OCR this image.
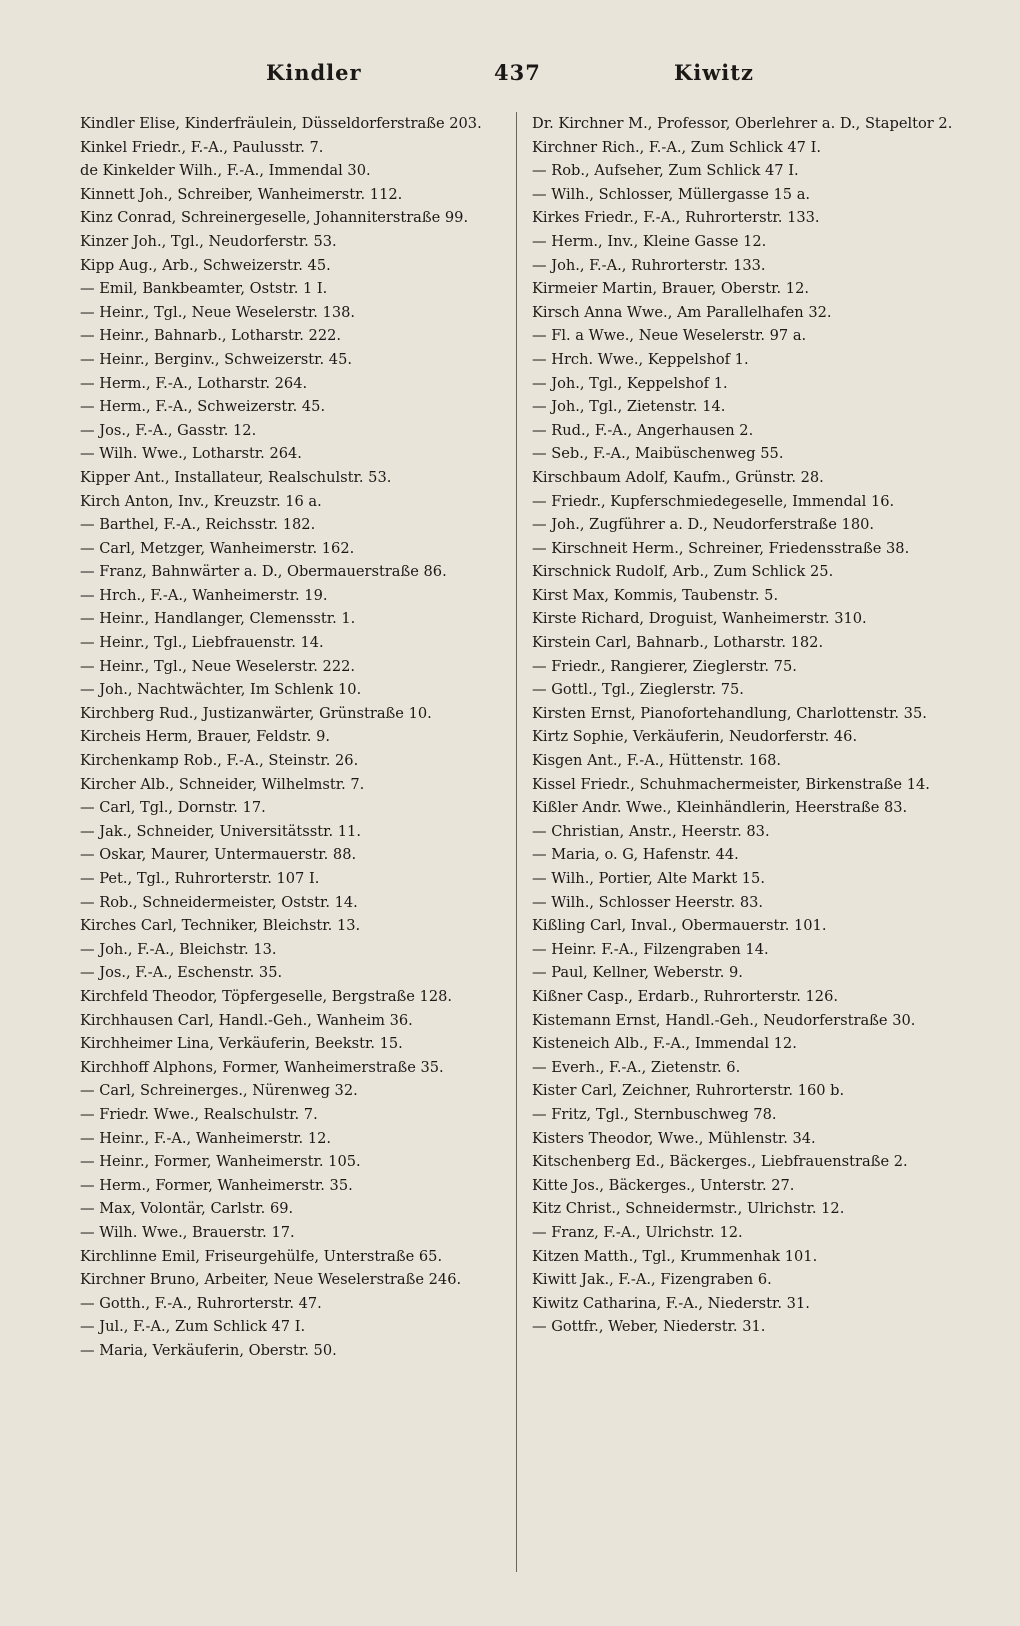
Kindler	437	Kiwitz
Kindler Elise, Kinderfräulein, Düsseldorferstraße 203.
Kinkel Friedr., F.-A., Paulusstr. 7.
de Kinkelder Wilh., F.-A., Immendal 30.
Kinnett Joh., Schreiber, Wanheimerstr. 112.
Kinz Conrad, Schreinergeselle, Johanniterstraße 99.
Kinzer Joh., Tgl., Neudorferstr. 53.
Kipp Aug., Arb., Schweizerstr. 45.
— Emil, Bankbeamter, Oststr. 1 I.
— Heinr., Tgl., Neue Weselerstr. 138.
— Heinr., Bahnarb., Lotharstr. 222.
— Heinr., Berginv., Schweizerstr. 45.
— Herm., F.-A., Lotharstr. 264.
— Herm., F.-A., Schweizerstr. 45.
— Jos., F.-A., Gasstr. 12.
— Wilh. Wwe., Lotharstr. 264.
Kipper Ant., Installateur, Realschulstr. 53.
Kirch Anton, Inv., Kreuzstr. 16 a.
— Barthel, F.-A., Reichsstr. 182.
— Carl, Metzger, Wanheimerstr. 162.
— Franz, Bahnwärter a. D., Obermauerstraße 86.
— Hrch., F.-A., Wanheimerstr. 19.
— Heinr., Handlanger, Clemensstr. 1.
— Heinr., Tgl., Liebfrauenstr. 14.
— Heinr., Tgl., Neue Weselerstr. 222.
— Joh., Nachtwächter, Im Schlenk 10.
Kirchberg Rud., Justizanwärter, Grünstraße 10.
Kircheis Herm, Brauer, Feldstr. 9.
Kirchenkamp Rob., F.-A., Steinstr. 26.
Kircher Alb., Schneider, Wilhelmstr. 7.
— Carl, Tgl., Dornstr. 17.
— Jak., Schneider, Universitätsstr. 11.
— Oskar, Maurer, Untermauerstr. 88.
— Pet., Tgl., Ruhrorterstr. 107 I.
— Rob., Schneidermeister, Oststr. 14.
Kirches Carl, Techniker, Bleichstr. 13.
— Joh., F.-A., Bleichstr. 13.
— Jos., F.-A., Eschenstr. 35.
Kirchfeld Theodor, Töpfergeselle, Bergstraße 128.
Kirchhausen Carl, Handl.-Geh., Wanheim 36.
Kirchheimer Lina, Verkäuferin, Beekstr. 15.
Kirchhoff Alphons, Former, Wanheimerstraße 35.
— Carl, Schreinerges., Nürenweg 32.
— Friedr. Wwe., Realschulstr. 7.
— Heinr., F.-A., Wanheimerstr. 12.
— Heinr., Former, Wanheimerstr. 105.
— Herm., Former, Wanheimerstr. 35.
— Max, Volontär, Carlstr. 69.
— Wilh. Wwe., Brauerstr. 17.
Kirchlinne Emil, Friseurgehülfe, Unterstraße 65.
Kirchner Bruno, Arbeiter, Neue Weselerstraße 246.
— Gotth., F.-A., Ruhrorterstr. 47.
— Jul., F.-A., Zum Schlick 47 I.
— Maria, Verkäuferin, Oberstr. 50.
Dr. Kirchner M., Professor, Oberlehrer a. D., Stapeltor 2.
Kirchner Rich., F.-A., Zum Schlick 47 I.
— Rob., Aufseher, Zum Schlick 47 I.
— Wilh., Schlosser, Müllergasse 15 a.
Kirkes Friedr., F.-A., Ruhrorterstr. 133.
— Herm., Inv., Kleine Gasse 12.
— Joh., F.-A., Ruhrorterstr. 133.
Kirmeier Martin, Brauer, Oberstr. 12.
Kirsch Anna Wwe., Am Parallelhafen 32.
— Fl. a Wwe., Neue Weselerstr. 97 a.
— Hrch. Wwe., Keppelshof 1.
— Joh., Tgl., Keppelshof 1.
— Joh., Tgl., Zietenstr. 14.
— Rud., F.-A., Angerhausen 2.
— Seb., F.-A., Maibüschenweg 55.
Kirschbaum Adolf, Kaufm., Grünstr. 28.
— Friedr., Kupferschmiedegeselle, Immendal 16.
— Joh., Zugführer a. D., Neudorferstraße 180.
— Kirschneit Herm., Schreiner, Friedensstraße 38.
Kirschnick Rudolf, Arb., Zum Schlick 25.
Kirst Max, Kommis, Taubenstr. 5.
Kirste Richard, Droguist, Wanheimerstr. 310.
Kirstein Carl, Bahnarb., Lotharstr. 182.
— Friedr., Rangierer, Zieglerstr. 75.
— Gottl., Tgl., Zieglerstr. 75.
Kirsten Ernst, Pianofortehandlung, Charlottenstr. 35.
Kirtz Sophie, Verkäuferin, Neudorferstr. 46.
Kisgen Ant., F.-A., Hüttenstr. 168.
Kissel Friedr., Schuhmachermeister, Birkenstraße 14.
Kißler Andr. Wwe., Kleinhändlerin, Heerstraße 83.
— Christian, Anstr., Heerstr. 83.
— Maria, o. G, Hafenstr. 44.
— Wilh., Portier, Alte Markt 15.
— Wilh., Schlosser Heerstr. 83.
Kißling Carl, Inval., Obermauerstr. 101.
— Heinr. F.-A., Filzengraben 14.
— Paul, Kellner, Weberstr. 9.
Kißner Casp., Erdarb., Ruhrorterstr. 126.
Kistemann Ernst, Handl.-Geh., Neudorferstraße 30.
Kisteneich Alb., F.-A., Immendal 12.
— Everh., F.-A., Zietenstr. 6.
Kister Carl, Zeichner, Ruhrorterstr. 160 b.
— Fritz, Tgl., Sternbuschweg 78.
Kisters Theodor, Wwe., Mühlenstr. 34.
Kitschenberg Ed., Bäckerges., Liebfrauenstraße 2.
Kitte Jos., Bäckerges., Unterstr. 27.
Kitz Christ., Schneidermstr., Ulrichstr. 12.
— Franz, F.-A., Ulrichstr. 12.
Kitzen Matth., Tgl., Krummenhak 101.
Kiwitt Jak., F.-A., Fizengraben 6.
Kiwitz Catharina, F.-A., Niederstr. 31.
— Gottfr., Weber, Niederstr. 31.
